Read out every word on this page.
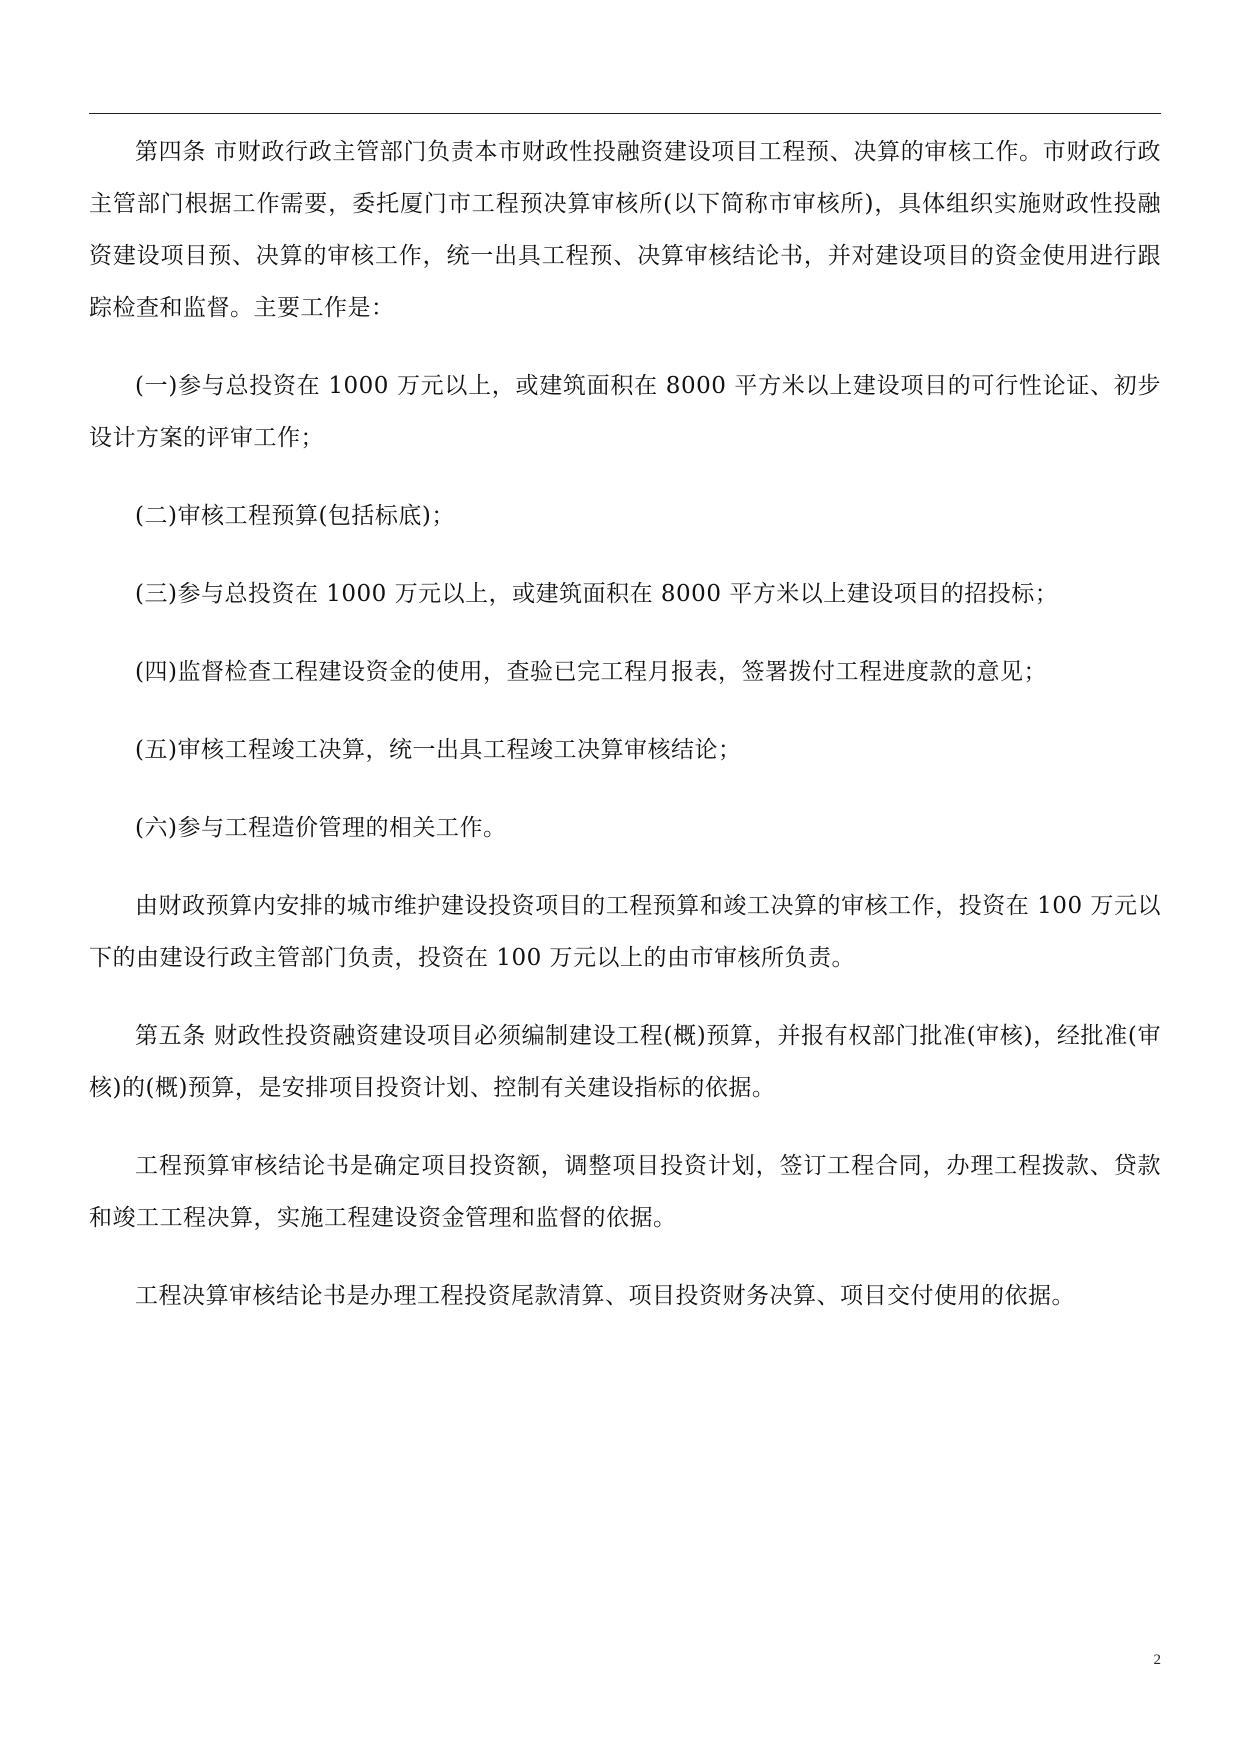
第四条 市财政行政主管部门负责本市财政性投融资建设项目工程预、决算的审核工作。市财政行政主管部门根据工作需要，委托厦门市工程预决算审核所(以下简称市审核所)，具体组织实施财政性投融资建设项目预、决算的审核工作，统一出具工程预、决算审核结论书，并对建设项目的资金使用进行跟踪检查和监督。主要工作是：

(一)参与总投资在 1000 万元以上，或建筑面积在 8000 平方米以上建设项目的可行性论证、初步设计方案的评审工作；

(二)审核工程预算(包括标底)；

(三)参与总投资在 1000 万元以上，或建筑面积在 8000 平方米以上建设项目的招投标；

(四)监督检查工程建设资金的使用，查验已完工程月报表，签署拨付工程进度款的意见；

(五)审核工程竣工决算，统一出具工程竣工决算审核结论；

(六)参与工程造价管理的相关工作。

由财政预算内安排的城市维护建设投资项目的工程预算和竣工决算的审核工作，投资在 100 万元以下的由建设行政主管部门负责，投资在 100 万元以上的由市审核所负责。

第五条 财政性投资融资建设项目必须编制建设工程(概)预算，并报有权部门批准(审核)，经批准(审核)的(概)预算，是安排项目投资计划、控制有关建设指标的依据。

工程预算审核结论书是确定项目投资额，调整项目投资计划，签订工程合同，办理工程拨款、贷款和竣工工程决算，实施工程建设资金管理和监督的依据。

工程决算审核结论书是办理工程投资尾款清算、项目投资财务决算、项目交付使用的依据。

2
